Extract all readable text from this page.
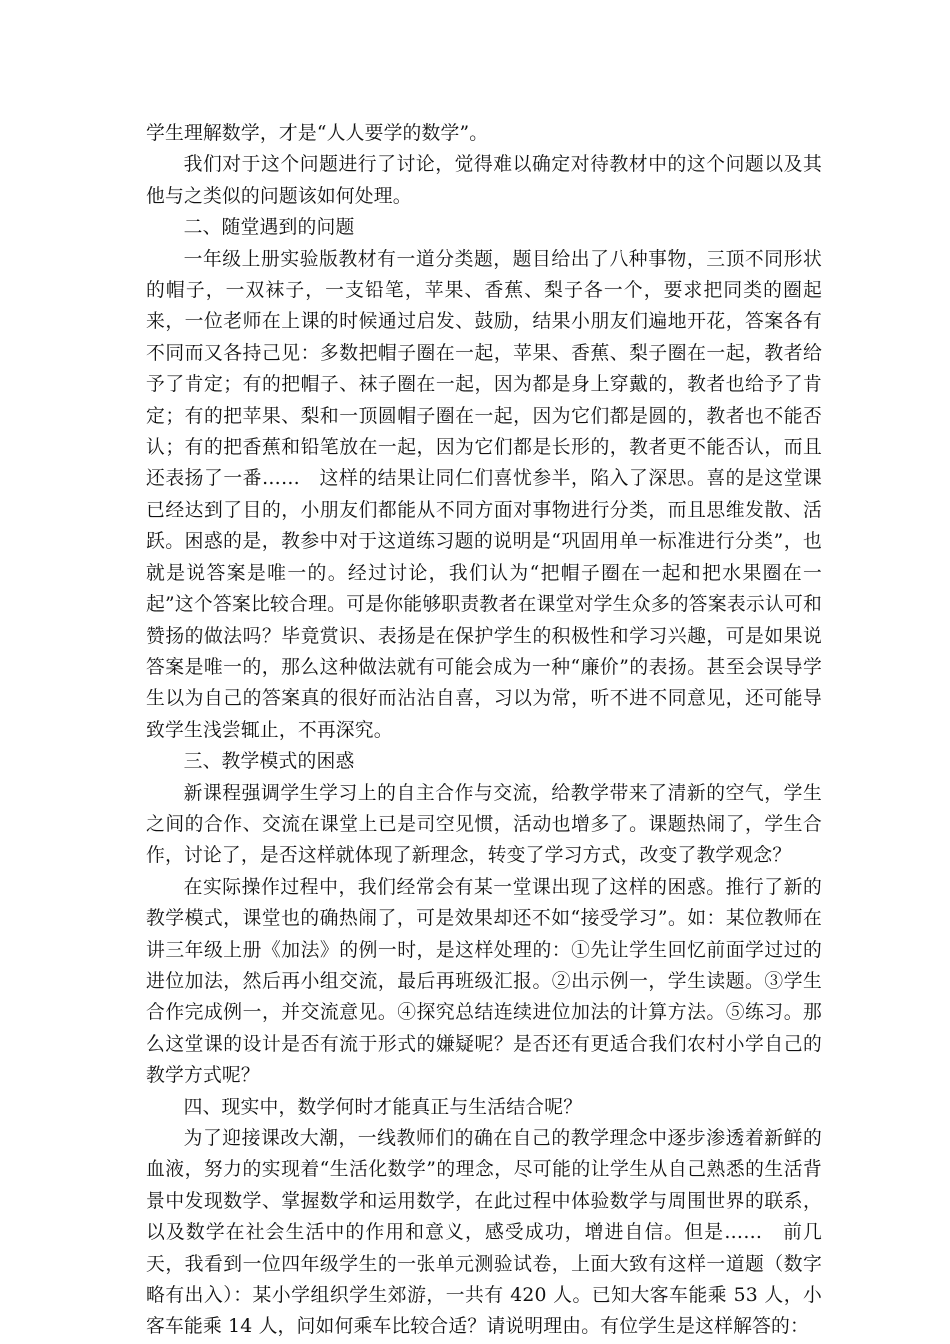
学生理解数学，才是“人人要学的数学”。

我们对于这个问题进行了讨论，觉得难以确定对待教材中的这个问题以及其他与之类似的问题该如何处理。

二、随堂遇到的问题

一年级上册实验版教材有一道分类题，题目给出了八种事物，三顶不同形状的帽子，一双袜子，一支铅笔，苹果、香蕉、梨子各一个，要求把同类的圈起来，一位老师在上课的时候通过启发、鼓励，结果小朋友们遍地开花，答案各有不同而又各持己见：多数把帽子圈在一起，苹果、香蕉、梨子圈在一起，教者给予了肯定；有的把帽子、袜子圈在一起，因为都是身上穿戴的，教者也给予了肯定；有的把苹果、梨和一顶圆帽子圈在一起，因为它们都是圆的，教者也不能否认；有的把香蕉和铅笔放在一起，因为它们都是长形的，教者更不能否认，而且还表扬了一番……　这样的结果让同仁们喜忧参半，陷入了深思。喜的是这堂课已经达到了目的，小朋友们都能从不同方面对事物进行分类，而且思维发散、活跃。困惑的是，教参中对于这道练习题的说明是“巩固用单一标准进行分类”，也就是说答案是唯一的。经过讨论，我们认为“把帽子圈在一起和把水果圈在一起”这个答案比较合理。可是你能够职责教者在课堂对学生众多的答案表示认可和赞扬的做法吗？毕竟赏识、表扬是在保护学生的积极性和学习兴趣，可是如果说答案是唯一的，那么这种做法就有可能会成为一种“廉价”的表扬。甚至会误导学生以为自己的答案真的很好而沾沾自喜，习以为常，听不进不同意见，还可能导致学生浅尝辄止，不再深究。

三、教学模式的困惑

新课程强调学生学习上的自主合作与交流，给教学带来了清新的空气，学生之间的合作、交流在课堂上已是司空见惯，活动也增多了。课题热闹了，学生合作，讨论了，是否这样就体现了新理念，转变了学习方式，改变了教学观念？

在实际操作过程中，我们经常会有某一堂课出现了这样的困惑。推行了新的教学模式，课堂也的确热闹了，可是效果却还不如“接受学习”。如：某位教师在讲三年级上册《加法》的例一时，是这样处理的：①先让学生回忆前面学过过的进位加法，然后再小组交流，最后再班级汇报。②出示例一，学生读题。③学生合作完成例一，并交流意见。④探究总结连续进位加法的计算方法。⑤练习。那么这堂课的设计是否有流于形式的嫌疑呢？是否还有更适合我们农村小学自己的教学方式呢？

四、现实中，数学何时才能真正与生活结合呢？

为了迎接课改大潮，一线教师们的确在自己的教学理念中逐步渗透着新鲜的血液，努力的实现着“生活化数学”的理念，尽可能的让学生从自己熟悉的生活背景中发现数学、掌握数学和运用数学，在此过程中体验数学与周围世界的联系，以及数学在社会生活中的作用和意义，感受成功，增进自信。但是……　前几天，我看到一位四年级学生的一张单元测验试卷，上面大致有这样一道题（数字略有出入）：某小学组织学生郊游，一共有 420 人。已知大客车能乘 53 人，小客车能乘 14 人，问如何乘车比较合适？请说明理由。有位学生是这样解答的：
